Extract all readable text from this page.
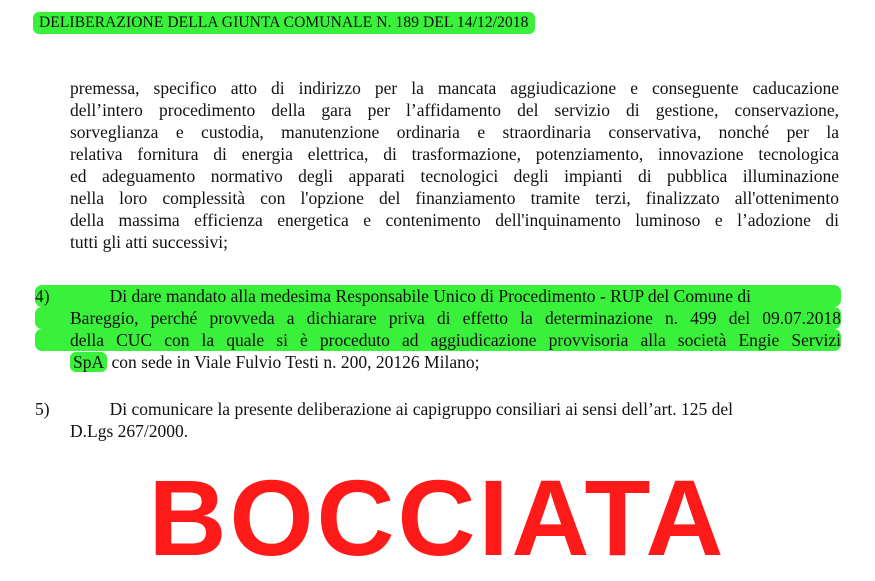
DELIBERAZIONE DELLA GIUNTA COMUNALE N. 189 DEL 14/12/2018
premessa, specifico atto di indirizzo per la mancata aggiudicazione e conseguente caducazione
dell’intero procedimento della gara per l’affidamento del servizio di gestione, conservazione,
sorveglianza e custodia, manutenzione ordinaria e straordinaria conservativa, nonché per la
relativa fornitura di energia elettrica, di trasformazione, potenziamento, innovazione tecnologica
ed adeguamento normativo degli apparati tecnologici degli impianti di pubblica illuminazione
nella loro complessità con l'opzione del finanziamento tramite terzi, finalizzato all'ottenimento
della massima efficienza energetica e contenimento dell'inquinamento luminoso e l’adozione di
tutti gli atti successivi;
4)	Di dare mandato alla medesima Responsabile Unico di Procedimento - RUP del Comune di
Bareggio, perché provveda a dichiarare priva di effetto la determinazione n. 499 del 09.07.2018
della CUC con la quale si è proceduto ad aggiudicazione provvisoria alla società Engie Servizi
SpA con sede in Viale Fulvio Testi n. 200, 20126 Milano;
5)	Di comunicare la presente deliberazione ai capigruppo consiliari ai sensi dell’art. 125 del
D.Lgs 267/2000.
BOCCIATA
